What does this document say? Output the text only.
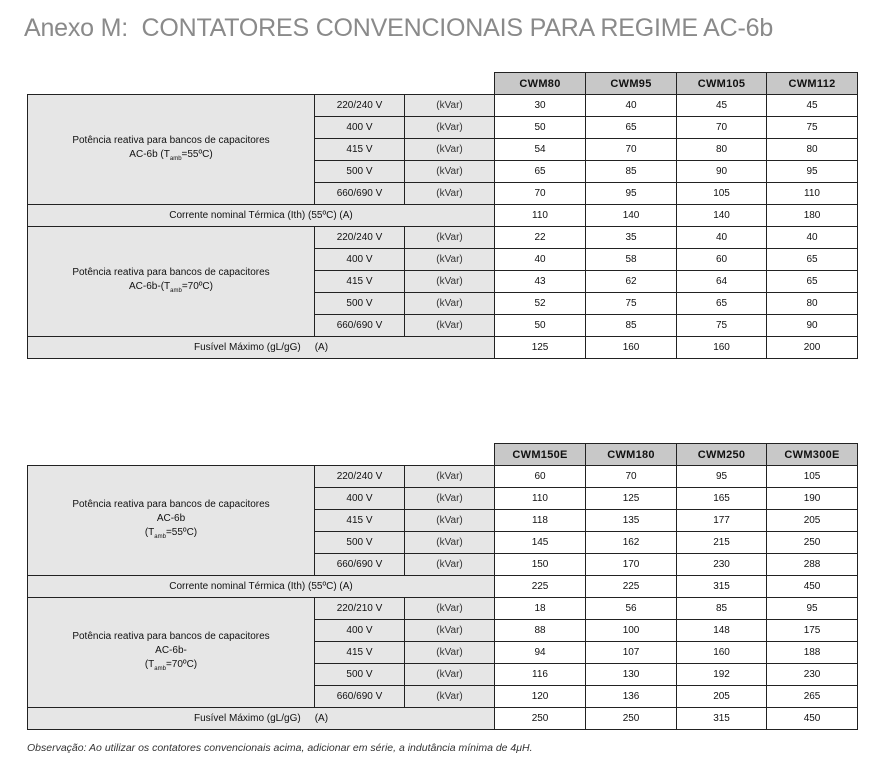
Anexo M:  CONTATORES CONVENCIONAIS PARA REGIME AC-6b
			CWM80	CWM95	CWM105	CWM112

Potência reativa para bancos de capacitores
AC-6b $(T_{amb}=55ºC)$	220/240 V	(kVar)	30	40	45	45
	400 V	(kVar)	50	65	70	75
	415 V	(kVar)	54	70	80	80
	500 V	(kVar)	65	85	90	95
	660/690 V	(kVar)	70	95	105	110
Corrente nominal Térmica (Ith) (55ºC) (A)			110	140	140	180

Potência reativa para bancos de capacitores
$AC-6b-(T_{amb}=70ºC)$	220/240 V	(kVar)	22	35	40	40
	400 V	(kVar)	40	58	60	65
	415 V	(kVar)	43	62	64	65
	500 V	(kVar)	52	75	65	80
	660/690 V	(kVar)	50	85	75	90
Fusível Máximo (gL/gG) (A)			125	160	160	200
			CWM150E	CWM180	CWM250	CWM300E

Potência reativa para bancos de capacitores
AC-6b
$(T_{amb}=55ºC)$	220/240 V	(kVar)	60	70	95	105
	400 V	(kVar)	110	125	165	190
	415 V	(kVar)	118	135	177	205
	500 V	(kVar)	145	162	215	250
	660/690 V	(kVar)	150	170	230	288
Corrente nominal Térmica (Ith) (55ºC) (A)			225	225	315	450

Potência reativa para bancos de capacitores
AC-6b-
$(T_{amb}=70ºC)$	220/210 V	(kVar)	18	56	85	95
	400 V	(kVar)	88	100	148	175
	415 V	(kVar)	94	107	160	188
	500 V	(kVar)	116	130	192	230
	660/690 V	(kVar)	120	136	205	265
Fusível Máximo (gL/gG) (A)			250	250	315	450

Observação: Ao utilizar os contatores convencionais acima, adicionar em série, a indutância mínima de 4μH.
